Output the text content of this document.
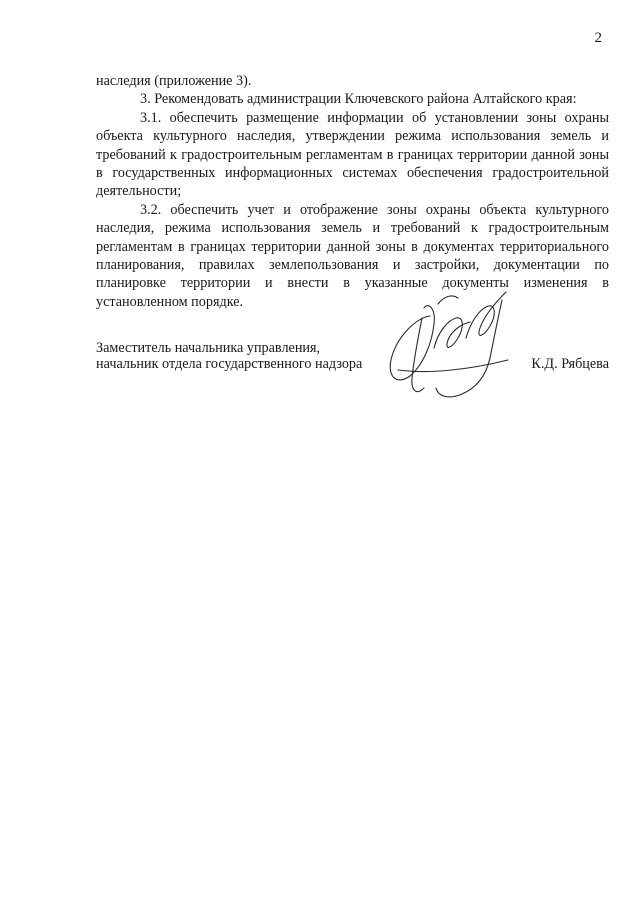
2

наследия (приложение 3).

3. Рекомендовать администрации Ключевского района Алтайского края:

3.1. обеспечить размещение информации об установлении зоны охраны объекта культурного наследия, утверждении режима использования земель и требований к градостроительным регламентам в границах территории данной зоны в государственных информационных системах обеспечения градостроительной деятельности;

3.2. обеспечить учет и отображение зоны охраны объекта культурного наследия, режима использования земель и требований к градостроительным регламентам в границах территории данной зоны в документах территориального планирования, правилах землепользования и застройки, документации по планировке территории и внести в указанные документы изменения в установленном порядке.

Заместитель начальника управления,
начальник отдела государственного надзора	К.Д. Рябцева
